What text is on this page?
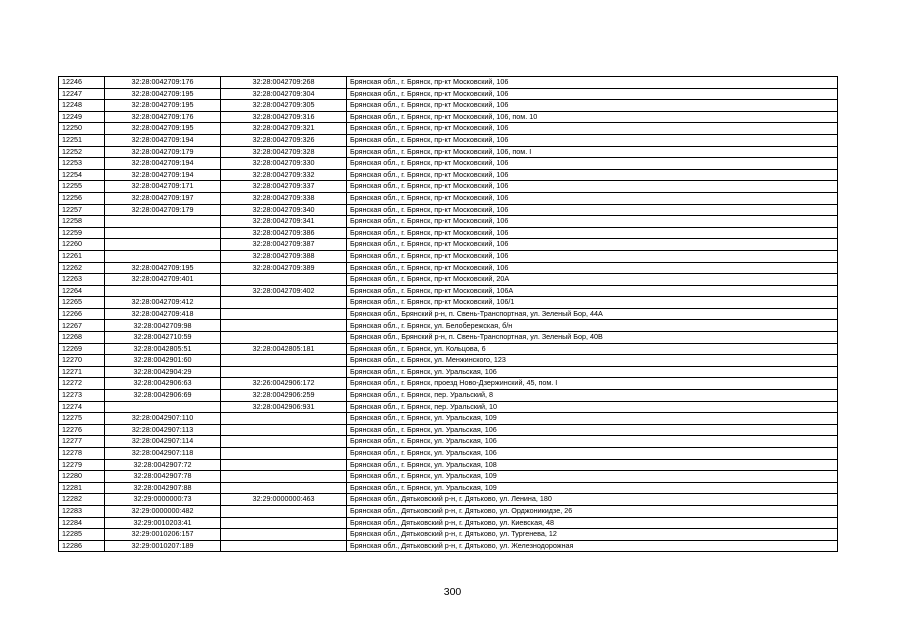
12246	32:28:0042709:176	32:28:0042709:268	Брянская обл., г. Брянск, пр-кт Московский, 106
12247	32:28:0042709:195	32:28:0042709:304	Брянская обл., г. Брянск, пр-кт Московский, 106
12248	32:28:0042709:195	32:28:0042709:305	Брянская обл., г. Брянск, пр-кт Московский, 106
12249	32:28:0042709:176	32:28:0042709:316	Брянская обл., г. Брянск, пр-кт Московский, 106, пом. 10
12250	32:28:0042709:195	32:28:0042709:321	Брянская обл., г. Брянск, пр-кт Московский, 106
12251	32:28:0042709:194	32:28:0042709:326	Брянская обл., г. Брянск, пр-кт Московский, 106
12252	32:28:0042709:179	32:28:0042709:328	Брянская обл., г. Брянск, пр-кт Московский, 106, пом. I
12253	32:28:0042709:194	32:28:0042709:330	Брянская обл., г. Брянск, пр-кт Московский, 106
12254	32:28:0042709:194	32:28:0042709:332	Брянская обл., г. Брянск, пр-кт Московский, 106
12255	32:28:0042709:171	32:28:0042709:337	Брянская обл., г. Брянск, пр-кт Московский, 106
12256	32:28:0042709:197	32:28:0042709:338	Брянская обл., г. Брянск, пр-кт Московский, 106
12257	32:28:0042709:179	32:28:0042709:340	Брянская обл., г. Брянск, пр-кт Московский, 106
12258		32:28:0042709:341	Брянская обл., г. Брянск, пр-кт Московский, 106
12259		32:28:0042709:386	Брянская обл., г. Брянск, пр-кт Московский, 106
12260		32:28:0042709:387	Брянская обл., г. Брянск, пр-кт Московский, 106
12261		32:28:0042709:388	Брянская обл., г. Брянск, пр-кт Московский, 106
12262	32:28:0042709:195	32:28:0042709:389	Брянская обл., г. Брянск, пр-кт Московский, 106
12263	32:28:0042709:401		Брянская обл., г. Брянск, пр-кт Московский, 20А
12264		32:28:0042709:402	Брянская обл., г. Брянск, пр-кт Московский, 106А
12265	32:28:0042709:412		Брянская обл., г. Брянск, пр-кт Московский, 106/1
12266	32:28:0042709:418		Брянская обл., Брянский р-н, п. Свень-Транспортная, ул. Зеленый Бор, 44А
12267	32:28:0042709:98		Брянская обл., г. Брянск, ул. Белобережская, б/н
12268	32:28:0042710:59		Брянская обл., Брянский р-н, п. Свень-Транспортная, ул. Зеленый Бор, 40В
12269	32:28:0042805:51	32:28:0042805:181	Брянская обл., г. Брянск, ул. Кольцова, 6
12270	32:28:0042901:60		Брянская обл., г. Брянск, ул. Менжинского, 123
12271	32:28:0042904:29		Брянская обл., г. Брянск, ул. Уральская, 106
12272	32:28:0042906:63	32:26:0042906:172	Брянская обл., г. Брянск, проезд Ново-Дзержинский, 45, пом. I
12273	32:28:0042906:69	32:28:0042906:259	Брянская обл., г. Брянск, пер. Уральский, 8
12274		32:28:0042906:931	Брянская обл., г. Брянск, пер. Уральский, 10
12275	32:28:0042907:110		Брянская обл., г. Брянск, ул. Уральская, 109
12276	32:28:0042907:113		Брянская обл., г. Брянск, ул. Уральская, 106
12277	32:28:0042907:114		Брянская обл., г. Брянск, ул. Уральская, 106
12278	32:28:0042907:118		Брянская обл., г. Брянск, ул. Уральская, 106
12279	32:28:0042907:72		Брянская обл., г. Брянск, ул. Уральская, 108
12280	32:28:0042907:78		Брянская обл., г. Брянск, ул. Уральская, 109
12281	32:28:0042907:88		Брянская обл., г. Брянск, ул. Уральская, 109
12282	32:29:0000000:73	32:29:0000000:463	Брянская обл., Дятьковский р-н, г. Дятьково, ул. Ленина, 180
12283	32:29:0000000:482		Брянская обл., Дятьковский р-н, г. Дятьково, ул. Орджоникидзе, 26
12284	32:29:0010203:41		Брянская обл., Дятьковский р-н, г. Дятьково, ул. Киевская, 48
12285	32:29:0010206:157		Брянская обл., Дятьковский р-н, г. Дятьково, ул. Тургенева, 12
12286	32:29:0010207:189		Брянская обл., Дятьковский р-н, г. Дятьково, ул. Железнодорожная
300
